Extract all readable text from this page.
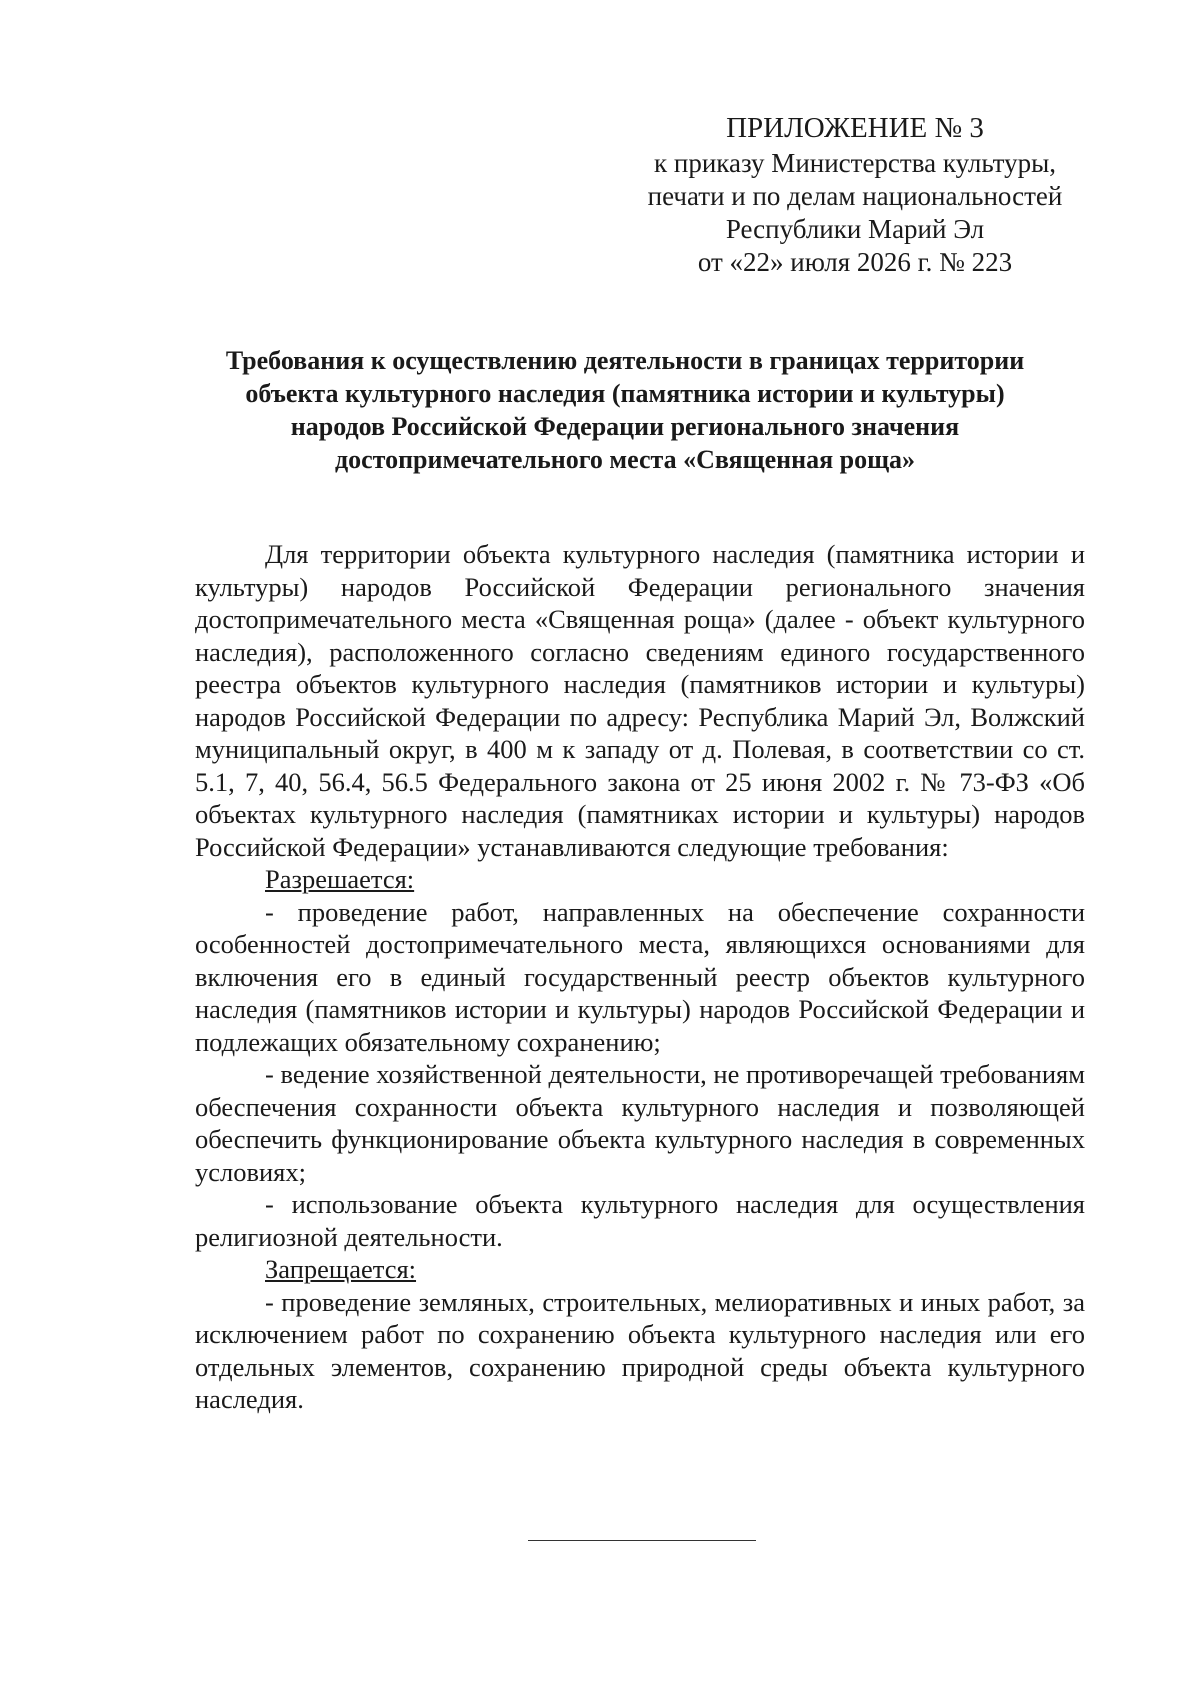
ПРИЛОЖЕНИЕ № 3
к приказу Министерства культуры,
печати и по делам национальностей
Республики Марий Эл
от «22» июля 2026 г. № 223
Требования к осуществлению деятельности в границах территории
объекта культурного наследия (памятника истории и культуры)
народов Российской Федерации регионального значения
достопримечательного места «Священная роща»

Для территории объекта культурного наследия (памятника истории и культуры) народов Российской Федерации регионального значения достопримечательного места «Священная роща» (далее - объект культурного наследия), расположенного согласно сведениям единого государственного реестра объектов культурного наследия (памятников истории и культуры) народов Российской Федерации по адресу: Республика Марий Эл, Волжский муниципальный округ, в 400 м к западу от д. Полевая, в соответствии со ст. 5.1, 7, 40, 56.4, 56.5 Федерального закона от 25 июня 2002 г. № 73-ФЗ «Об объектах культурного наследия (памятниках истории и культуры) народов Российской Федерации» устанавливаются следующие требования:

Разрешается:

- проведение работ, направленных на обеспечение сохранности особенностей достопримечательного места, являющихся основаниями для включения его в единый государственный реестр объектов культурного наследия (памятников истории и культуры) народов Российской Федерации и подлежащих обязательному сохранению;

- ведение хозяйственной деятельности, не противоречащей требованиям обеспечения сохранности объекта культурного наследия и позволяющей обеспечить функционирование объекта культурного наследия в современных условиях;

- использование объекта культурного наследия для осуществления религиозной деятельности.

Запрещается:

- проведение земляных, строительных, мелиоративных и иных работ, за исключением работ по сохранению объекта культурного наследия или его отдельных элементов, сохранению природной среды объекта культурного наследия.
